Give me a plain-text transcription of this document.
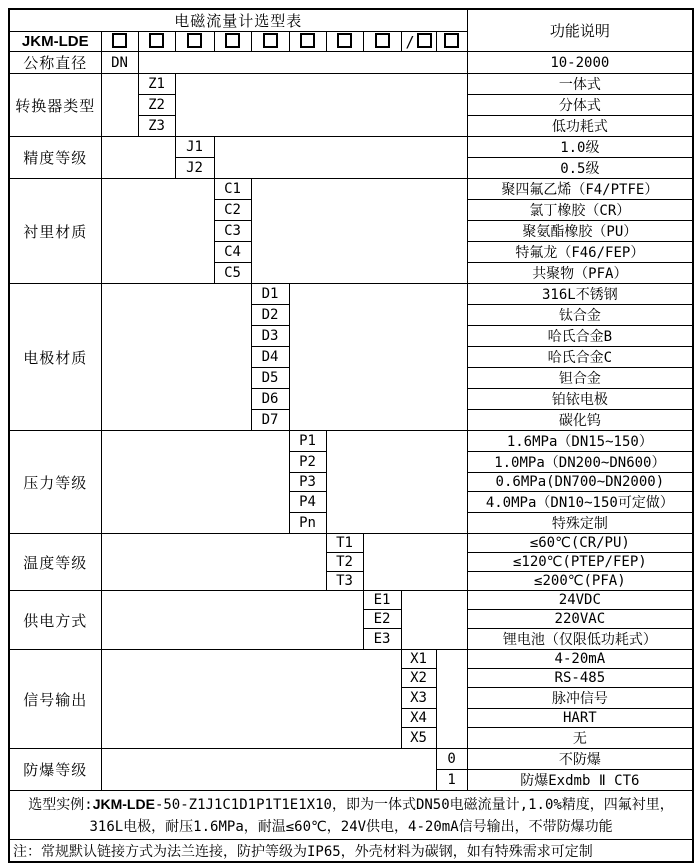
电磁流量计选型表											功能说明
JKM-LDE									/		
公称直径	DN										10-2000
转换器类型		Z1									一体式
		Z2									分体式
		Z3									低功耗式
精度等级			J1								1.0级
			J2								0.5级
衬里材质				C1							聚四氟乙烯（F4/PTFE）
				C2							氯丁橡胶（CR）
				C3							聚氨酯橡胶（PU）
				C4							特氟龙（F46/FEP）
				C5							共聚物（PFA）
电极材质					D1						316L不锈钢
					D2						钛合金
					D3						哈氏合金B
					D4						哈氏合金C
					D5						钽合金
					D6						铂铱电极
					D7						碳化钨
压力等级						P1					1.6MPa（DN15~150）
						P2					1.0MPa（DN200~DN600）
						P3					0.6MPa(DN700~DN2000)
						P4					4.0MPa（DN10~150可定做）
						Pn					特殊定制
温度等级							T1				≤60℃(CR/PU)
							T2				≤120℃(PTEP/FEP)
							T3				≤200℃(PFA)
供电方式								E1			24VDC
								E2			220VAC
								E3			锂电池（仅限低功耗式）
信号输出									X1		4-20mA
									X2		RS-485
									X3		脉冲信号
									X4		HART
									X5		无
防爆等级										0	不防爆
										1	防爆Exdmb Ⅱ CT6
选型实例:JKM-LDE-50-Z1J1C1D1P1T1E1X10，即为一体式DN50电磁流量计,1.0%精度，四氟衬里，
316L电极，耐压1.6MPa，耐温≤60℃，24V供电，4-20mA信号输出，不带防爆功能											
注：常规默认链接方式为法兰连接，防护等级为IP65，外壳材料为碳钢，如有特殊需求可定制											
